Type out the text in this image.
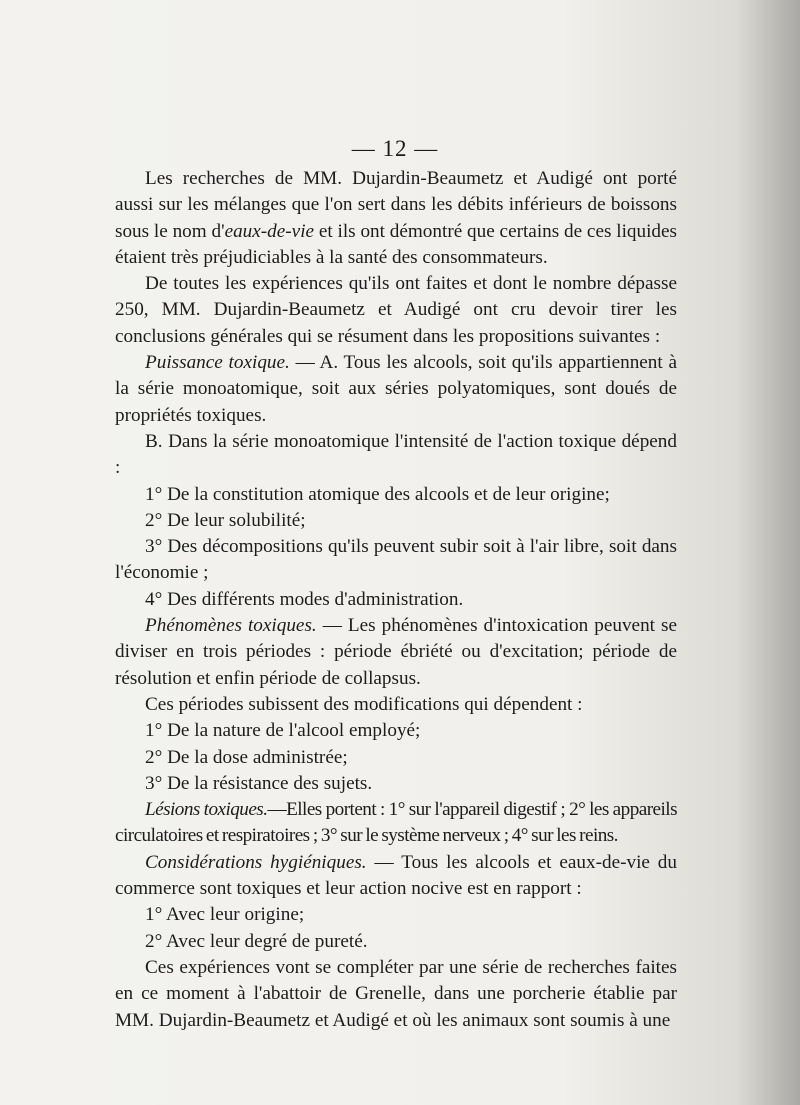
— 12 —

Les recherches de MM. Dujardin-Beaumetz et Audigé ont porté aussi sur les mélanges que l'on sert dans les débits inférieurs de boissons sous le nom d'eaux-de-vie et ils ont démontré que certains de ces liquides étaient très préjudiciables à la santé des consommateurs.

De toutes les expériences qu'ils ont faites et dont le nombre dépasse 250, MM. Dujardin-Beaumetz et Audigé ont cru devoir tirer les conclusions générales qui se résument dans les propositions suivantes :

Puissance toxique. — A. Tous les alcools, soit qu'ils appartiennent à la série monoatomique, soit aux séries polyatomiques, sont doués de propriétés toxiques.

B. Dans la série monoatomique l'intensité de l'action toxique dépend :

1° De la constitution atomique des alcools et de leur origine;

2° De leur solubilité;

3° Des décompositions qu'ils peuvent subir soit à l'air libre, soit dans l'économie ;

4° Des différents modes d'administration.

Phénomènes toxiques. — Les phénomènes d'intoxication peuvent se diviser en trois périodes : période ébriété ou d'excitation; période de résolution et enfin période de collapsus.

Ces périodes subissent des modifications qui dépendent :

1° De la nature de l'alcool employé;

2° De la dose administrée;

3° De la résistance des sujets.

Lésions toxiques.—Elles portent : 1° sur l'appareil digestif ; 2° les appareils circulatoires et respiratoires ; 3° sur le système nerveux ; 4° sur les reins.

Considérations hygiéniques. — Tous les alcools et eaux-de-vie du commerce sont toxiques et leur action nocive est en rapport :

1° Avec leur origine;

2° Avec leur degré de pureté.

Ces expériences vont se compléter par une série de recherches faites en ce moment à l'abattoir de Grenelle, dans une porcherie établie par MM. Dujardin-Beaumetz et Audigé et où les animaux sont soumis à une
